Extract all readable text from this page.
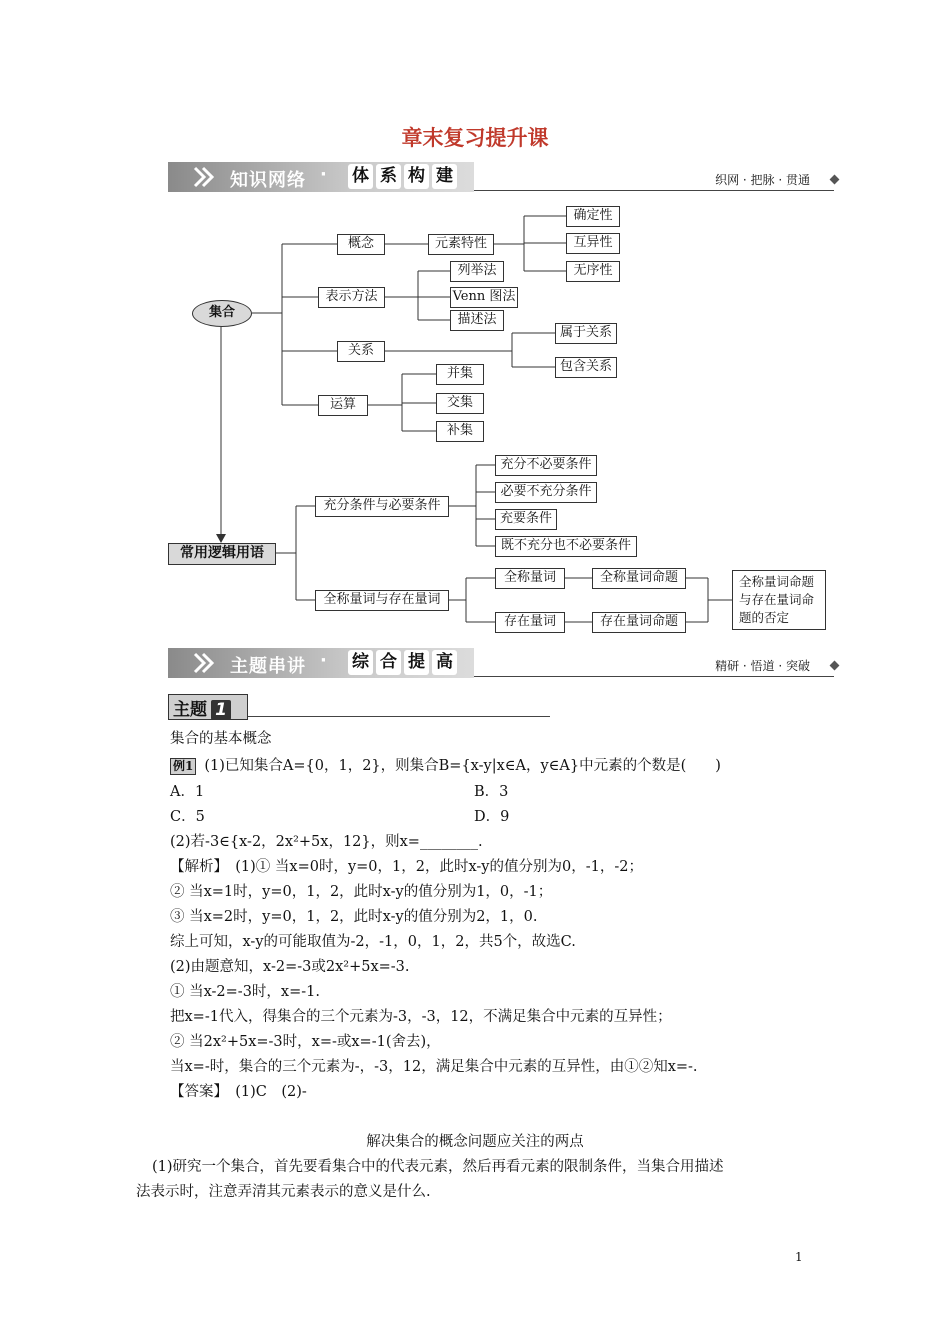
章末复习提升课
知识网络 · 体 系 构 建	织网 · 把脉 · 贯通
集合
概念	元素特性
确定性
互异性
无序性
表示方法
列举法
Venn 图法
描述法
关系
属于关系
包含关系
运算
并集
交集
补集
常用逻辑用语
充分条件与必要条件
充分不必要条件
必要不充分条件
充要条件
既不充分也不必要条件
全称量词与存在量词
全称量词	全称量词命题
存在量词	存在量词命题
全称量词命题与存在量词命题的否定
主题串讲 · 综 合 提 高	精研 · 悟道 · 突破
主题 1
集合的基本概念
例1 (1)已知集合A={0，1，2}，则集合B={x-y|x∈A，y∈A}中元素的个数是(　　)
A．1	B．3
C．5	D．9
(2)若-3∈{x-2，2x²+5x，12}，则x=________.
【解析】　(1)① 当x=0时，y=0，1，2，此时x-y的值分别为0，-1，-2；
② 当x=1时，y=0，1，2，此时x-y的值分别为1，0，-1；
③ 当x=2时，y=0，1，2，此时x-y的值分别为2，1，0.
综上可知，x-y的可能取值为-2，-1，0，1，2，共5个，故选C.
(2)由题意知，x-2=-3或2x²+5x=-3.
① 当x-2=-3时，x=-1.
把x=-1代入，得集合的三个元素为-3，-3，12，不满足集合中元素的互异性；
② 当2x²+5x=-3时，x=-或x=-1(舍去)，
当x=-时，集合的三个元素为-，-3，12，满足集合中元素的互异性，由①②知x=-.
【答案】　(1)C　(2)-
解决集合的概念问题应关注的两点
(1)研究一个集合，首先要看集合中的代表元素，然后再看元素的限制条件，当集合用描述
法表示时，注意弄清其元素表示的意义是什么.
1
